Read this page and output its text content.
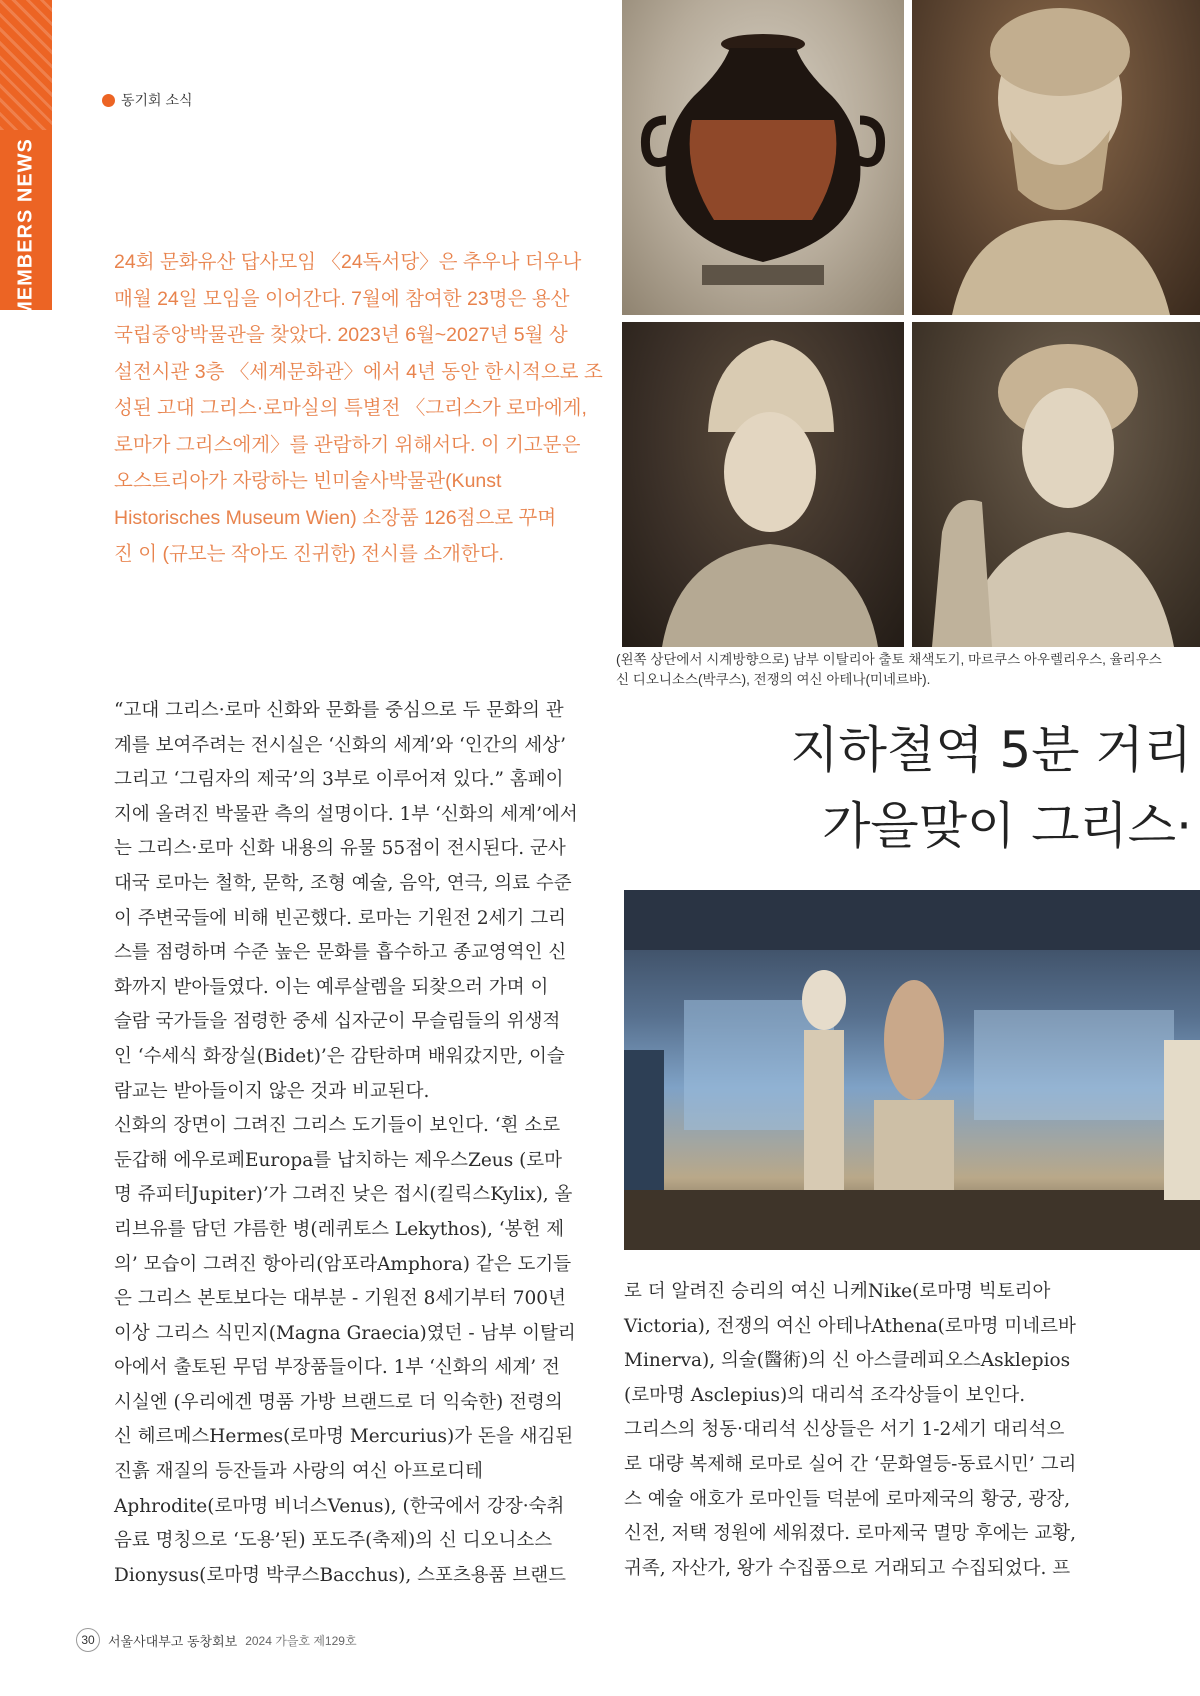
MEMBERS NEWS
동기회 소식
24회 문화유산 답사모임 〈24독서당〉은 추우나 더우나
매월 24일 모임을 이어간다. 7월에 참여한 23명은 용산
국립중앙박물관을 찾았다. 2023년 6월~2027년 5월 상
설전시관 3층 〈세계문화관〉에서 4년 동안 한시적으로 조
성된 고대 그리스·로마실의 특별전 〈그리스가 로마에게,
로마가 그리스에게〉를 관람하기 위해서다. 이 기고문은
오스트리아가 자랑하는 빈미술사박물관(Kunst
Historisches Museum Wien) 소장품 126점으로 꾸며
진 이 (규모는 작아도 진귀한) 전시를 소개한다.
(왼쪽 상단에서 시계방향으로) 남부 이탈리아 출토 채색도기, 마르쿠스 아우렐리우스, 율리우스
신 디오니소스(박쿠스), 전쟁의 여신 아테나(미네르바).
지하철역 5분 거리
가을맞이 그리스·
“고대 그리스·로마 신화와 문화를 중심으로 두 문화의 관
계를 보여주려는 전시실은 ‘신화의 세계’와 ‘인간의 세상’
그리고 ‘그림자의 제국’의 3부로 이루어져 있다.” 홈페이
지에 올려진 박물관 측의 설명이다. 1부 ‘신화의 세계’에서
는 그리스·로마 신화 내용의 유물 55점이 전시된다. 군사
대국 로마는 철학, 문학, 조형 예술, 음악, 연극, 의료 수준
이 주변국들에 비해 빈곤했다. 로마는 기원전 2세기 그리
스를 점령하며 수준 높은 문화를 흡수하고 종교영역인 신
화까지 받아들였다. 이는 예루살렘을 되찾으러 가며 이
슬람 국가들을 점령한 중세 십자군이 무슬림들의 위생적
인 ‘수세식 화장실(Bidet)’은 감탄하며 배워갔지만, 이슬
람교는 받아들이지 않은 것과 비교된다.
신화의 장면이 그려진 그리스 도기들이 보인다. ‘흰 소로
둔갑해 에우로페Europa를 납치하는 제우스Zeus (로마
명 쥬피터Jupiter)’가 그려진 낮은 접시(킬릭스Kylix), 올
리브유를 담던 갸름한 병(레퀴토스 Lekythos), ‘봉헌 제
의’ 모습이 그려진 항아리(암포라Amphora) 같은 도기들
은 그리스 본토보다는 대부분 - 기원전 8세기부터 700년
이상 그리스 식민지(Magna Graecia)였던 - 남부 이탈리
아에서 출토된 무덤 부장품들이다. 1부 ‘신화의 세계’ 전
시실엔 (우리에겐 명품 가방 브랜드로 더 익숙한) 전령의
신 헤르메스Hermes(로마명 Mercurius)가 돈을 새김된
진흙 재질의 등잔들과 사랑의 여신 아프로디테
Aphrodite(로마명 비너스Venus), (한국에서 강장·숙취
음료 명칭으로 ‘도용’된) 포도주(축제)의 신 디오니소스
Dionysus(로마명 박쿠스Bacchus), 스포츠용품 브랜드
로 더 알려진 승리의 여신 니케Nike(로마명 빅토리아
Victoria), 전쟁의 여신 아테나Athena(로마명 미네르바
Minerva), 의술(醫術)의 신 아스클레피오스Asklepios
(로마명 Asclepius)의 대리석 조각상들이 보인다.
그리스의 청동·대리석 신상들은 서기 1-2세기 대리석으
로 대량 복제해 로마로 실어 간 ‘문화열등-동료시민’ 그리
스 예술 애호가 로마인들 덕분에 로마제국의 황궁, 광장,
신전, 저택 정원에 세워졌다. 로마제국 멸망 후에는 교황,
귀족, 자산가, 왕가 수집품으로 거래되고 수집되었다. 프
30	서울사대부고 동창회보 2024 가을호 제129호
